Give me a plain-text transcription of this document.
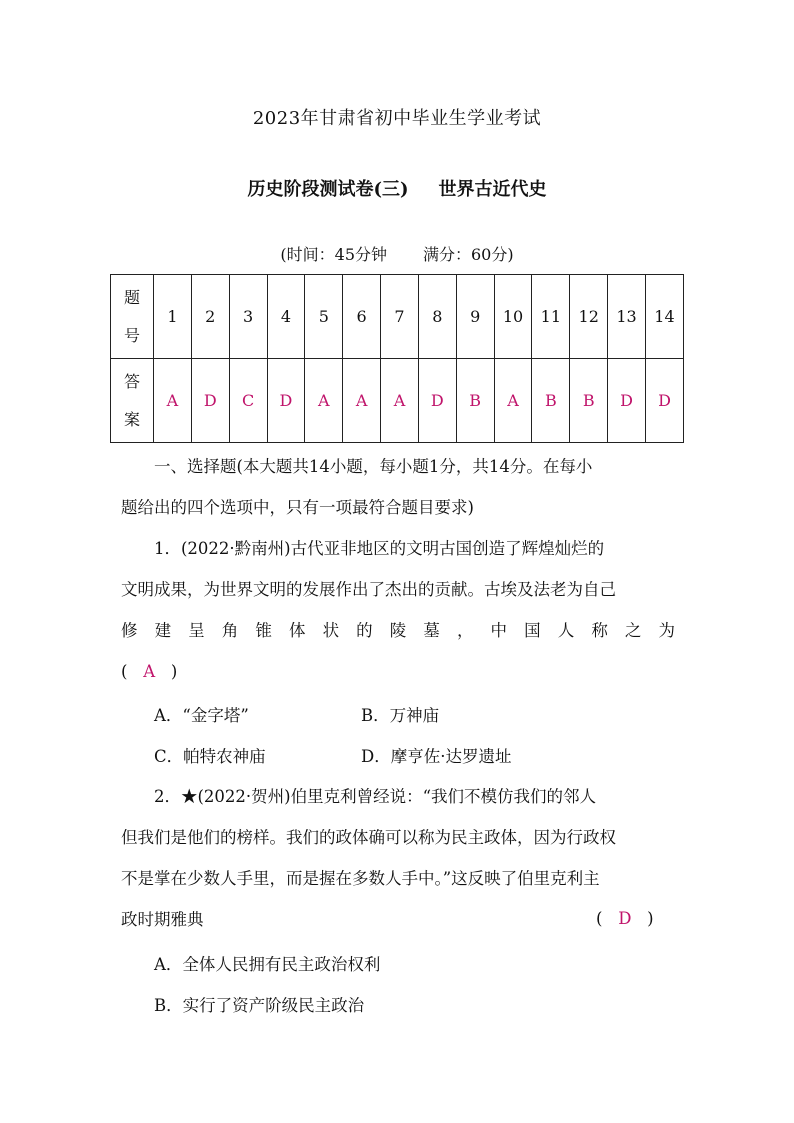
2023年甘肃省初中毕业生学业考试
历史阶段测试卷(三) 世界古近代史
(时间：45分钟 满分：60分)
题
号	1	2	3	4	5	6	7	8	9	10	11	12	13	14
答
案	A	D	C	D	A	A	A	D	B	A	B	B	D	D
一、选择题(本大题共14小题，每小题1分，共14分。在每小
题给出的四个选项中，只有一项最符合题目要求)
1．(2022·黔南州)古代亚非地区的文明古国创造了辉煌灿烂的
文明成果，为世界文明的发展作出了杰出的贡献。古埃及法老为自己
修建呈角锥体状的陵墓，中国人称之为
( A )
A．“金字塔”	B．万神庙
C．帕特农神庙	D．摩亨佐·达罗遗址
2．★(2022·贺州)伯里克利曾经说：“我们不模仿我们的邻人
但我们是他们的榜样。我们的政体确可以称为民主政体，因为行政权
不是掌在少数人手里，而是握在多数人手中。”这反映了伯里克利主
政时期雅典	( D )
A．全体人民拥有民主政治权利
B．实行了资产阶级民主政治
